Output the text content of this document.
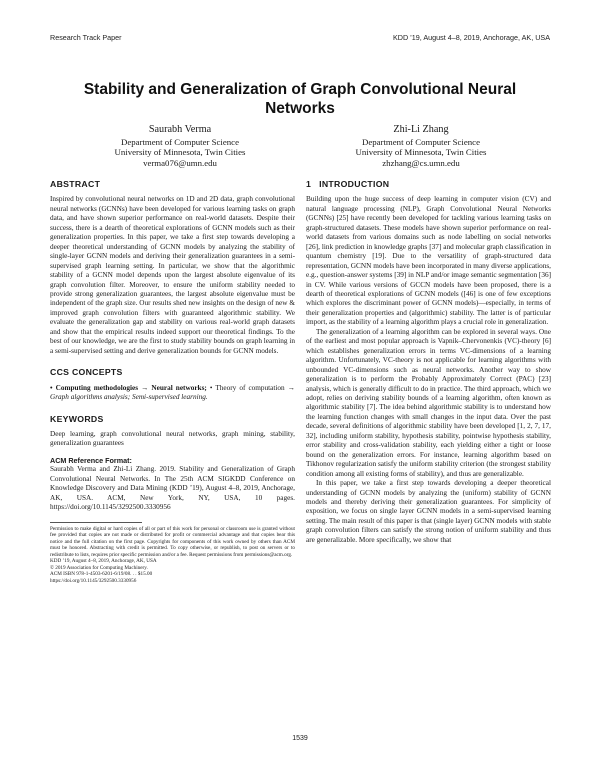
Research Track Paper	KDD ’19, August 4–8, 2019, Anchorage, AK, USA
Stability and Generalization of Graph Convolutional Neural Networks
Saurabh Verma
Department of Computer Science
University of Minnesota, Twin Cities
verma076@umn.edu
Zhi-Li Zhang
Department of Computer Science
University of Minnesota, Twin Cities
zhzhang@cs.umn.edu
ABSTRACT

Inspired by convolutional neural networks on 1D and 2D data, graph convolutional neural networks (GCNNs) have been developed for various learning tasks on graph data, and have shown superior performance on real-world datasets. Despite their success, there is a dearth of theoretical explorations of GCNN models such as their generalization properties. In this paper, we take a first step towards developing a deeper theoretical understanding of GCNN models by analyzing the stability of single-layer GCNN models and deriving their generalization guarantees in a semi-supervised graph learning setting. In particular, we show that the algorithmic stability of a GCNN model depends upon the largest absolute eigenvalue of its graph convolution filter. Moreover, to ensure the uniform stability needed to provide strong generalization guarantees, the largest absolute eigenvalue must be independent of the graph size. Our results shed new insights on the design of new & improved graph convolution filters with guaranteed algorithmic stability. We evaluate the generalization gap and stability on various real-world graph datasets and show that the empirical results indeed support our theoretical findings. To the best of our knowledge, we are the first to study stability bounds on graph learning in a semi-supervised setting and derive generalization bounds for GCNN models.

CCS CONCEPTS

• Computing methodologies → Neural networks; • Theory of computation → Graph algorithms analysis; Semi-supervised learning.

KEYWORDS

Deep learning, graph convolutional neural networks, graph mining, stability, generalization guarantees

ACM Reference Format:

Saurabh Verma and Zhi-Li Zhang. 2019. Stability and Generalization of Graph Convolutional Neural Networks. In The 25th ACM SIGKDD Conference on Knowledge Discovery and Data Mining (KDD ’19), August 4–8, 2019, Anchorage, AK, USA. ACM, New York, NY, USA, 10 pages. https://doi.org/10.1145/3292500.3330956

Permission to make digital or hard copies of all or part of this work for personal or classroom use is granted without fee provided that copies are not made or distributed for profit or commercial advantage and that copies bear this notice and the full citation on the first page. Copyrights for components of this work owned by others than ACM must be honored. Abstracting with credit is permitted. To copy otherwise, or republish, to post on servers or to redistribute to lists, requires prior specific permission and/or a fee. Request permissions from permissions@acm.org.

KDD ’19, August 4–8, 2019, Anchorage, AK, USA

© 2019 Association for Computing Machinery.

ACM ISBN 978-1-4503-6201-6/19/08. . . $15.00

https://doi.org/10.1145/3292500.3330956

1 INTRODUCTION

Building upon the huge success of deep learning in computer vision (CV) and natural language processing (NLP), Graph Convolutional Neural Networks (GCNNs) [25] have recently been developed for tackling various learning tasks on graph-structured datasets. These models have shown superior performance on real-world datasets from various domains such as node labelling on social networks [26], link prediction in knowledge graphs [37] and molecular graph classification in quantum chemistry [19]. Due to the versatility of graph-structured data representation, GCNN models have been incorporated in many diverse applications, e.g., question-answer systems [39] in NLP and/or image semantic segmentation [36] in CV. While various versions of GCCN models have been proposed, there is a dearth of theoretical explorations of GCNN models ([46] is one of few exceptions which explores the discriminant power of GCNN models)—especially, in terms of their generalization properties and (algorithmic) stability. The latter is of particular import, as the stability of a learning algorithm plays a crucial role in generalization.

The generalization of a learning algorithm can be explored in several ways. One of the earliest and most popular approach is Vapnik–Chervonenkis (VC)-theory [6] which establishes generalization errors in terms VC-dimensions of a learning algorithm. Unfortunately, VC-theory is not applicable for learning algorithms with unbounded VC-dimensions such as neural networks. Another way to show generalization is to perform the Probably Approximately Correct (PAC) [23] analysis, which is generally difficult to do in practice. The third approach, which we adopt, relies on deriving stability bounds of a learning algorithm, often known as algorithmic stability [7]. The idea behind algorithmic stability is to understand how the learning function changes with small changes in the input data. Over the past decade, several definitions of algorithmic stability have been developed [1, 2, 7, 17, 32], including uniform stability, hypothesis stability, pointwise hypothesis stability, error stability and cross-validation stability, each yielding either a tight or loose bound on the generalization errors. For instance, learning algorithm based on Tikhonov regularization satisfy the uniform stability criterion (the strongest stability condition among all existing forms of stability), and thus are generalizable.

In this paper, we take a first step towards developing a deeper theoretical understanding of GCNN models by analyzing the (uniform) stability of GCNN models and thereby deriving their generalization guarantees. For simplicity of exposition, we focus on single layer GCNN models in a semi-supervised learning setting. The main result of this paper is that (single layer) GCNN models with stable graph convolution filters can satisfy the strong notion of uniform stability and thus are generalizable. More specifically, we show that

1539
